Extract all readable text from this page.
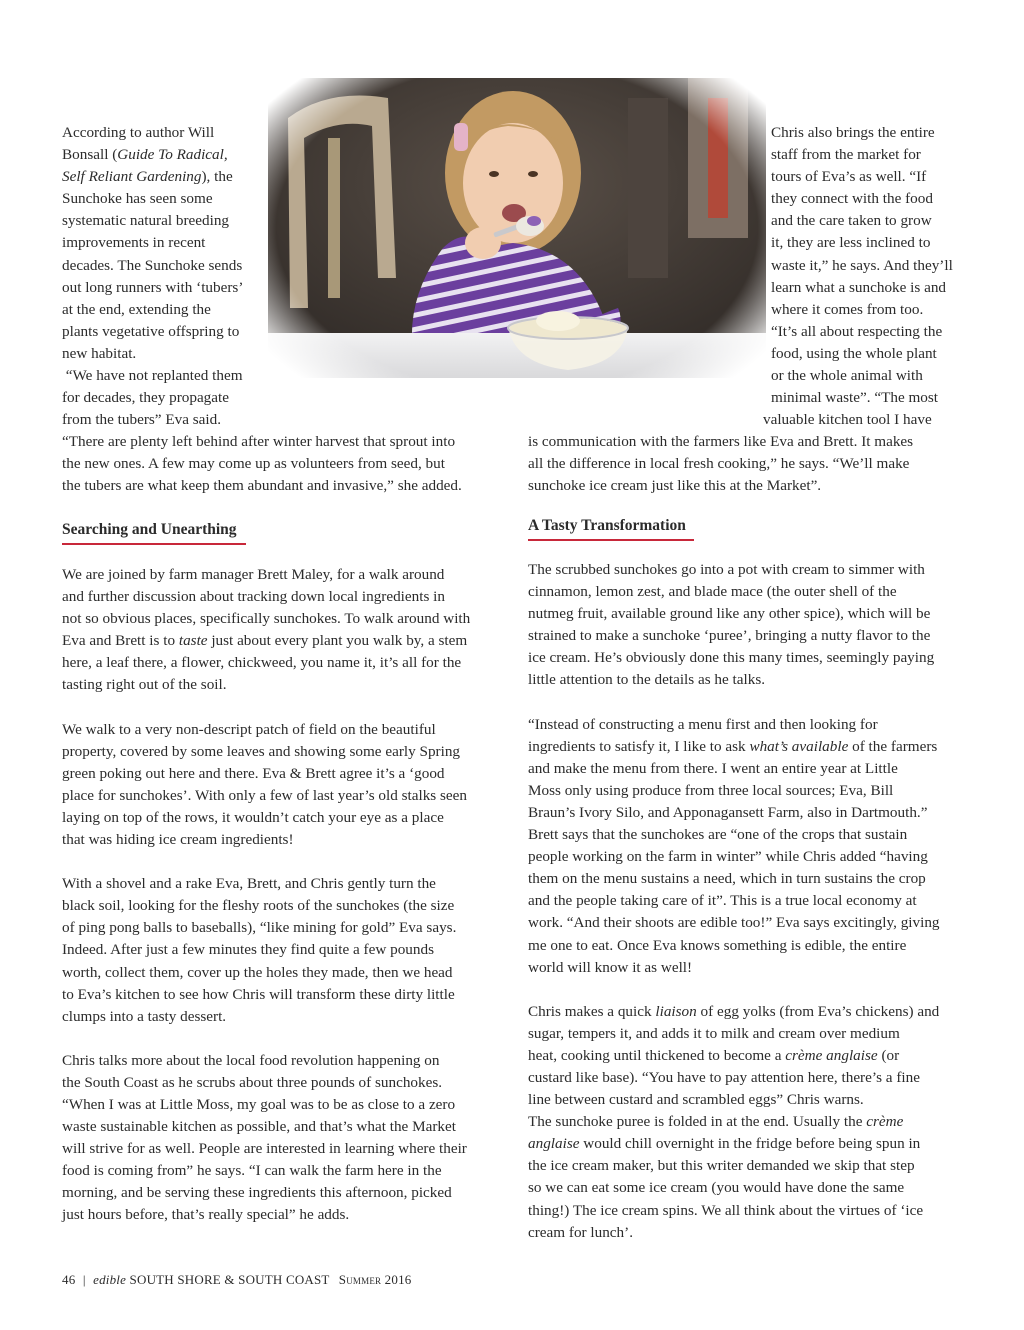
According to author Will

Bonsall (Guide To Radical,

Self Reliant Gardening), the

Sunchoke has seen some

systematic natural breeding

improvements in recent

decades. The Sunchoke sends

out long runners with ‘tubers’

at the end, extending the

plants vegetative offspring to

new habitat.

“We have not replanted them

for decades, they propagate

from the tubers” Eva said.

“There are plenty left behind after winter harvest that sprout into

the new ones. A few may come up as volunteers from seed, but

the tubers are what keep them abundant and invasive,” she added.

Searching and Unearthing

We are joined by farm manager Brett Maley, for a walk around

and further discussion about tracking down local ingredients in

not so obvious places, specifically sunchokes. To walk around with

Eva and Brett is to taste just about every plant you walk by, a stem

here, a leaf there, a flower, chickweed, you name it, it’s all for the

tasting right out of the soil.

We walk to a very non-descript patch of field on the beautiful

property, covered by some leaves and showing some early Spring

green poking out here and there. Eva & Brett agree it’s a ‘good

place for sunchokes’. With only a few of last year’s old stalks seen

laying on top of the rows, it wouldn’t catch your eye as a place

that was hiding ice cream ingredients!

With a shovel and a rake Eva, Brett, and Chris gently turn the

black soil, looking for the fleshy roots of the sunchokes (the size

of ping pong balls to baseballs), “like mining for gold” Eva says.

Indeed. After just a few minutes they find quite a few pounds

worth, collect them, cover up the holes they made, then we head

to Eva’s kitchen to see how Chris will transform these dirty little

clumps into a tasty dessert.

Chris talks more about the local food revolution happening on

the South Coast as he scrubs about three pounds of sunchokes.

“When I was at Little Moss, my goal was to be as close to a zero

waste sustainable kitchen as possible, and that’s what the Market

will strive for as well. People are interested in learning where their

food is coming from” he says. “I can walk the farm here in the

morning, and be serving these ingredients this afternoon, picked

just hours before, that’s really special” he adds.

Chris also brings the entire

staff from the market for

tours of Eva’s as well. “If

they connect with the food

and the care taken to grow

it, they are less inclined to

waste it,” he says. And they’ll

learn what a sunchoke is and

where it comes from too.

“It’s all about respecting the

food, using the whole plant

or the whole animal with

minimal waste”. “The most

valuable kitchen tool I have

is communication with the farmers like Eva and Brett. It makes

all the difference in local fresh cooking,” he says. “We’ll make

sunchoke ice cream just like this at the Market”.

A Tasty Transformation

The scrubbed sunchokes go into a pot with cream to simmer with

cinnamon, lemon zest, and blade mace (the outer shell of the

nutmeg fruit, available ground like any other spice), which will be

strained to make a sunchoke ‘puree’, bringing a nutty flavor to the

ice cream. He’s obviously done this many times, seemingly paying

little attention to the details as he talks.

“Instead of constructing a menu first and then looking for

ingredients to satisfy it, I like to ask what’s available of the farmers

and make the menu from there. I went an entire year at Little

Moss only using produce from three local sources; Eva, Bill

Braun’s Ivory Silo, and Apponagansett Farm, also in Dartmouth.”

Brett says that the sunchokes are “one of the crops that sustain

people working on the farm in winter” while Chris added “having

them on the menu sustains a need, which in turn sustains the crop

and the people taking care of it”. This is a true local economy at

work. “And their shoots are edible too!” Eva says excitingly, giving

me one to eat. Once Eva knows something is edible, the entire

world will know it as well!

Chris makes a quick liaison of egg yolks (from Eva’s chickens) and

sugar, tempers it, and adds it to milk and cream over medium

heat, cooking until thickened to become a crème anglaise (or

custard like base). “You have to pay attention here, there’s a fine

line between custard and scrambled eggs” Chris warns.

The sunchoke puree is folded in at the end. Usually the crème

anglaise would chill overnight in the fridge before being spun in

the ice cream maker, but this writer demanded we skip that step

so we can eat some ice cream (you would have done the same

thing!) The ice cream spins. We all think about the virtues of ‘ice

cream for lunch’.

46 | edible SOUTH SHORE & SOUTH COAST Summer 2016
